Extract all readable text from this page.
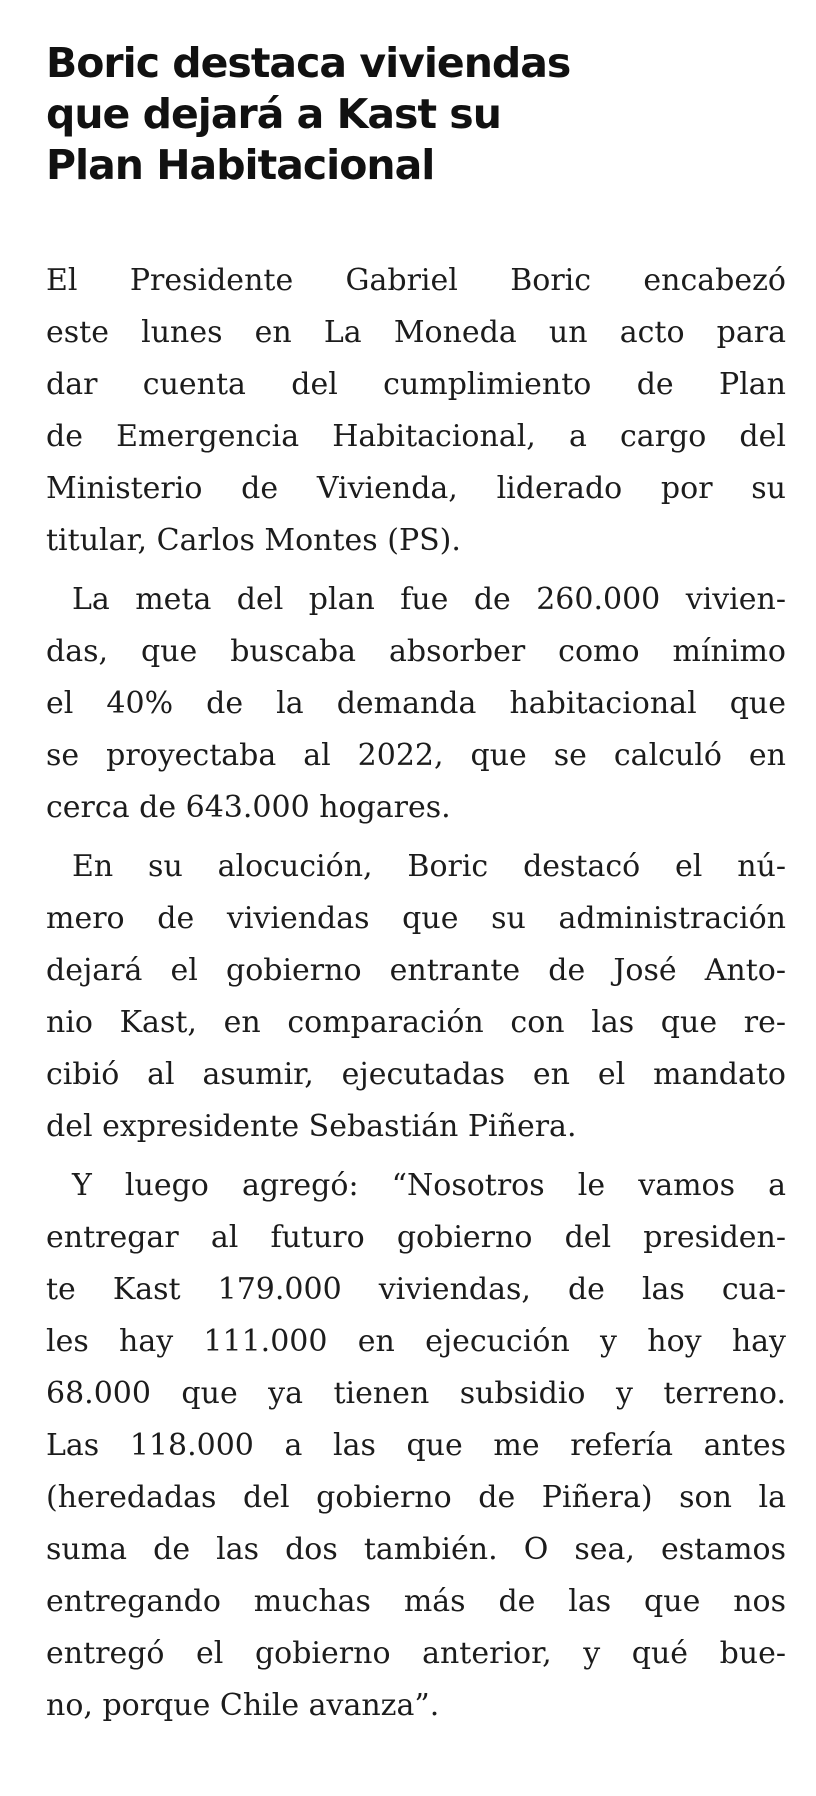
Boric destaca viviendas
que dejará a Kast su
Plan Habitacional
El Presidente Gabriel Boric encabezó
este lunes en La Moneda un acto para
dar cuenta del cumplimiento de Plan
de Emergencia Habitacional, a cargo del
Ministerio de Vivienda, liderado por su
titular, Carlos Montes (PS).
La meta del plan fue de 260.000 vivien-
das, que buscaba absorber como mínimo
el 40% de la demanda habitacional que
se proyectaba al 2022, que se calculó en
cerca de 643.000 hogares.
En su alocución, Boric destacó el nú-
mero de viviendas que su administración
dejará el gobierno entrante de José Anto-
nio Kast, en comparación con las que re-
cibió al asumir, ejecutadas en el mandato
del expresidente Sebastián Piñera.
Y luego agregó: “Nosotros le vamos a
entregar al futuro gobierno del presiden-
te Kast 179.000 viviendas, de las cua-
les hay 111.000 en ejecución y hoy hay
68.000 que ya tienen subsidio y terreno.
Las 118.000 a las que me refería antes
(heredadas del gobierno de Piñera) son la
suma de las dos también. O sea, estamos
entregando muchas más de las que nos
entregó el gobierno anterior, y qué bue-
no, porque Chile avanza”.
